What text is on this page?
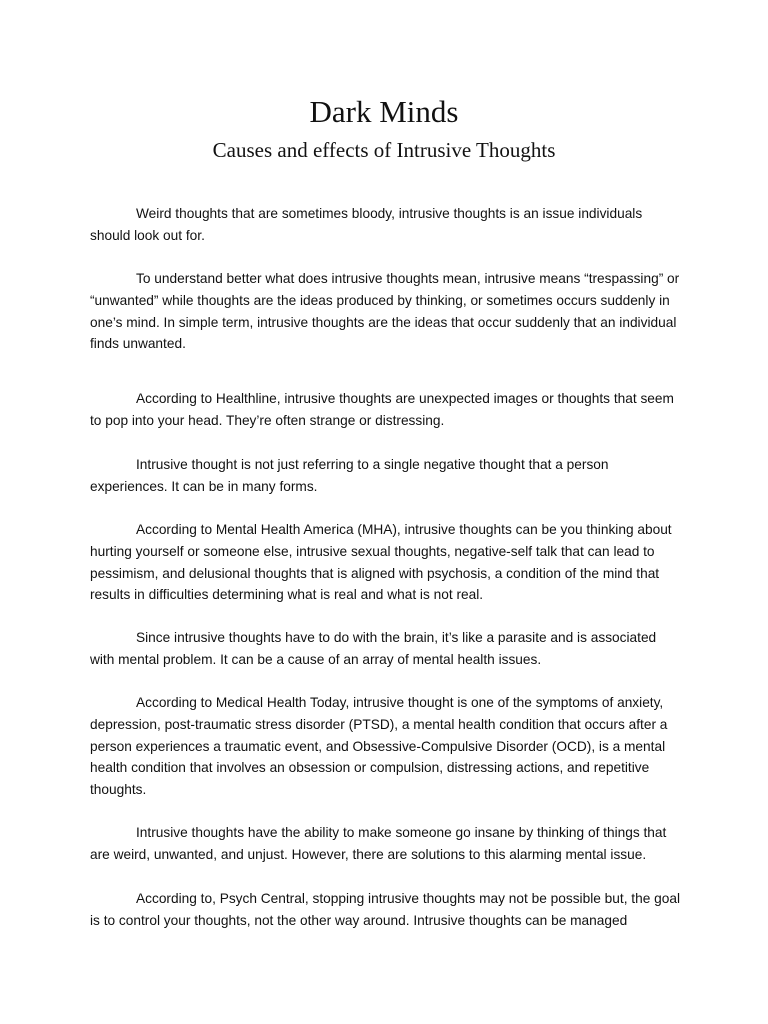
Dark Minds
Causes and effects of Intrusive Thoughts

Weird thoughts that are sometimes bloody, intrusive thoughts is an issue individuals should look out for.

To understand better what does intrusive thoughts mean, intrusive means “trespassing” or “unwanted” while thoughts are the ideas produced by thinking, or sometimes occurs suddenly in one’s mind. In simple term, intrusive thoughts are the ideas that occur suddenly that an individual finds unwanted.

According to Healthline, intrusive thoughts are unexpected images or thoughts that seem to pop into your head. They’re often strange or distressing.

Intrusive thought is not just referring to a single negative thought that a person experiences. It can be in many forms.

According to Mental Health America (MHA), intrusive thoughts can be you thinking about hurting yourself or someone else, intrusive sexual thoughts, negative-self talk that can lead to pessimism, and delusional thoughts that is aligned with psychosis, a condition of the mind that results in difficulties determining what is real and what is not real.

Since intrusive thoughts have to do with the brain, it’s like a parasite and is associated with mental problem. It can be a cause of an array of mental health issues.

According to Medical Health Today, intrusive thought is one of the symptoms of anxiety, depression, post-traumatic stress disorder (PTSD), a mental health condition that occurs after a person experiences a traumatic event, and Obsessive-Compulsive Disorder (OCD), is a mental health condition that involves an obsession or compulsion, distressing actions, and repetitive thoughts.

Intrusive thoughts have the ability to make someone go insane by thinking of things that are weird, unwanted, and unjust. However, there are solutions to this alarming mental issue.

According to, Psych Central, stopping intrusive thoughts may not be possible but, the goal is to control your thoughts, not the other way around. Intrusive thoughts can be managed
